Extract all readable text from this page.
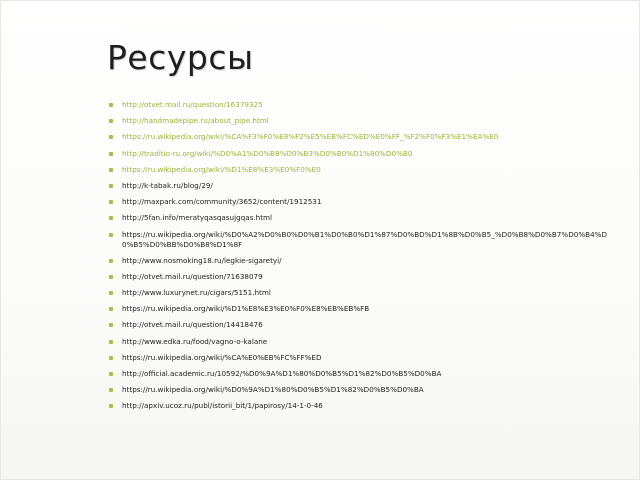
Ресурсы
http://otvet.mail.ru/question/16379325
http://handmadepipe.ru/about_pipe.html
https://ru.wikipedia.org/wiki/%CA%F3%F0%E8%F2%E5%EB%FC%ED%E0%FF_%F2%F0%F3%E1%EA%E0
http://traditio-ru.org/wiki/%D0%A1%D0%B8%D0%B3%D0%B0%D1%80%D0%B0
https://ru.wikipedia.org/wiki/%D1%E8%E3%E0%F0%E0
http://k-tabak.ru/blog/29/
http://maxpark.com/community/3652/content/1912531
http://5fan.info/meratyqasqasujgqas.html
https://ru.wikipedia.org/wiki/%D0%A2%D0%B0%D0%B1%D0%B0%D1%87%D0%BD%D1%8B%D0%B5_%D0%B8%D0%B7%D0%B4%D0%B5%D0%BB%D0%B8%D1%8F
http://www.nosmoking18.ru/legkie-sigaretyi/
http://otvet.mail.ru/question/71638079
http://www.luxurynet.ru/cigars/5151.html
https://ru.wikipedia.org/wiki/%D1%E8%E3%E0%F0%E8%EB%EB%FB
http://otvet.mail.ru/question/14418476
http://www.edka.ru/food/vagno-o-kalane
https://ru.wikipedia.org/wiki/%CA%E0%EB%FC%FF%ED
http://official.academic.ru/10592/%D0%9A%D1%80%D0%B5%D1%82%D0%B5%D0%BA
https://ru.wikipedia.org/wiki/%D0%9A%D1%80%D0%B5%D1%82%D0%B5%D0%BA
http://apxiv.ucoz.ru/publ/istorii_bit/1/papirosy/14-1-0-46
